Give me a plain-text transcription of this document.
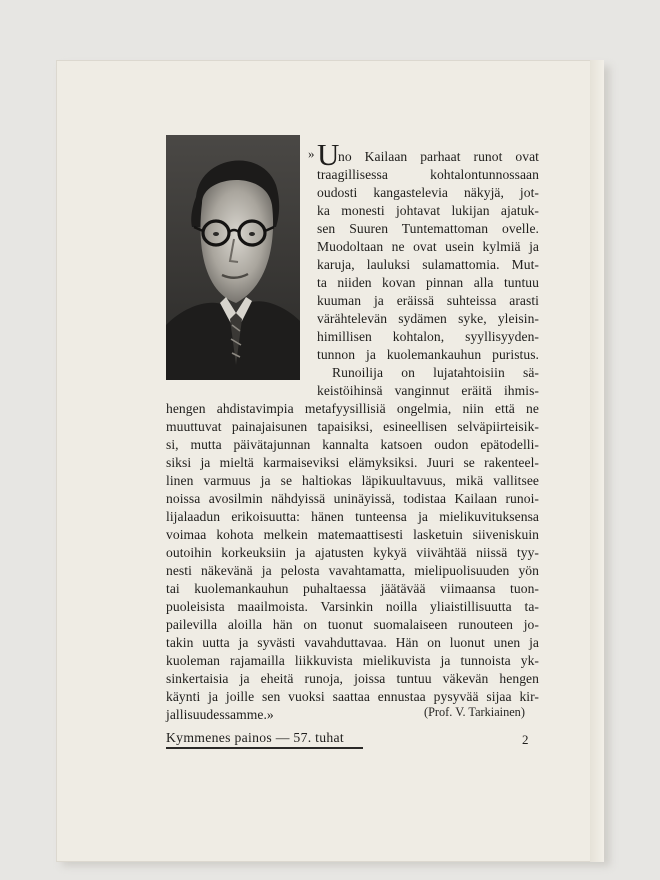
» U
no Kailaan parhaat runot ovat
traagillisessa kohtalontunnossaan
oudosti kangastelevia näkyjä, jot-
ka monesti johtavat lukijan ajatuk-
sen Suuren Tuntemattoman ovelle.
Muodoltaan ne ovat usein kylmiä ja
karuja, lauluksi sulamattomia. Mut-
ta niiden kovan pinnan alla tuntuu
kuuman ja eräissä suhteissa arasti
värähtelevän sydämen syke, yleisin-
himillisen kohtalon, syyllisyyden-
tunnon ja kuolemankauhun puristus.
Runoilija on lujatahtoisiin sä-
keistöihinsä vanginnut eräitä ihmis-
hengen ahdistavimpia metafyysillisiä ongelmia, niin että ne
muuttuvat painajaisunen tapaisiksi, esineellisen selväpiirteisik-
si, mutta päivätajunnan kannalta katsoen oudon epätodelli-
siksi ja mieltä karmaiseviksi elämyksiksi. Juuri se rakenteel-
linen varmuus ja se haltiokas läpikuultavuus, mikä vallitsee
noissa avosilmin nähdyissä uninäyissä, todistaa Kailaan runoi-
lijalaadun erikoisuutta: hänen tunteensa ja mielikuvituksensa
voimaa kohota melkein matemaattisesti lasketuin siiveniskuin
outoihin korkeuksiin ja ajatusten kykyä viivähtää niissä tyy-
nesti näkevänä ja pelosta vavahtamatta, mielipuolisuuden yön
tai kuolemankauhun puhaltaessa jäätävää viimaansa tuon-
puoleisista maailmoista. Varsinkin noilla yliaistillisuutta ta-
pailevilla aloilla hän on tuonut suomalaiseen runouteen jo-
takin uutta ja syvästi vavahduttavaa. Hän on luonut unen ja
kuoleman rajamailla liikkuvista mielikuvista ja tunnoista yk-
sinkertaisia ja eheitä runoja, joissa tuntuu väkevän hengen
käynti ja joille sen vuoksi saattaa ennustaa pysyvää sijaa kir-
jallisuudessamme.»	(Prof. V. Tarkiainen)
Kymmenes painos — 57. tuhat	2
